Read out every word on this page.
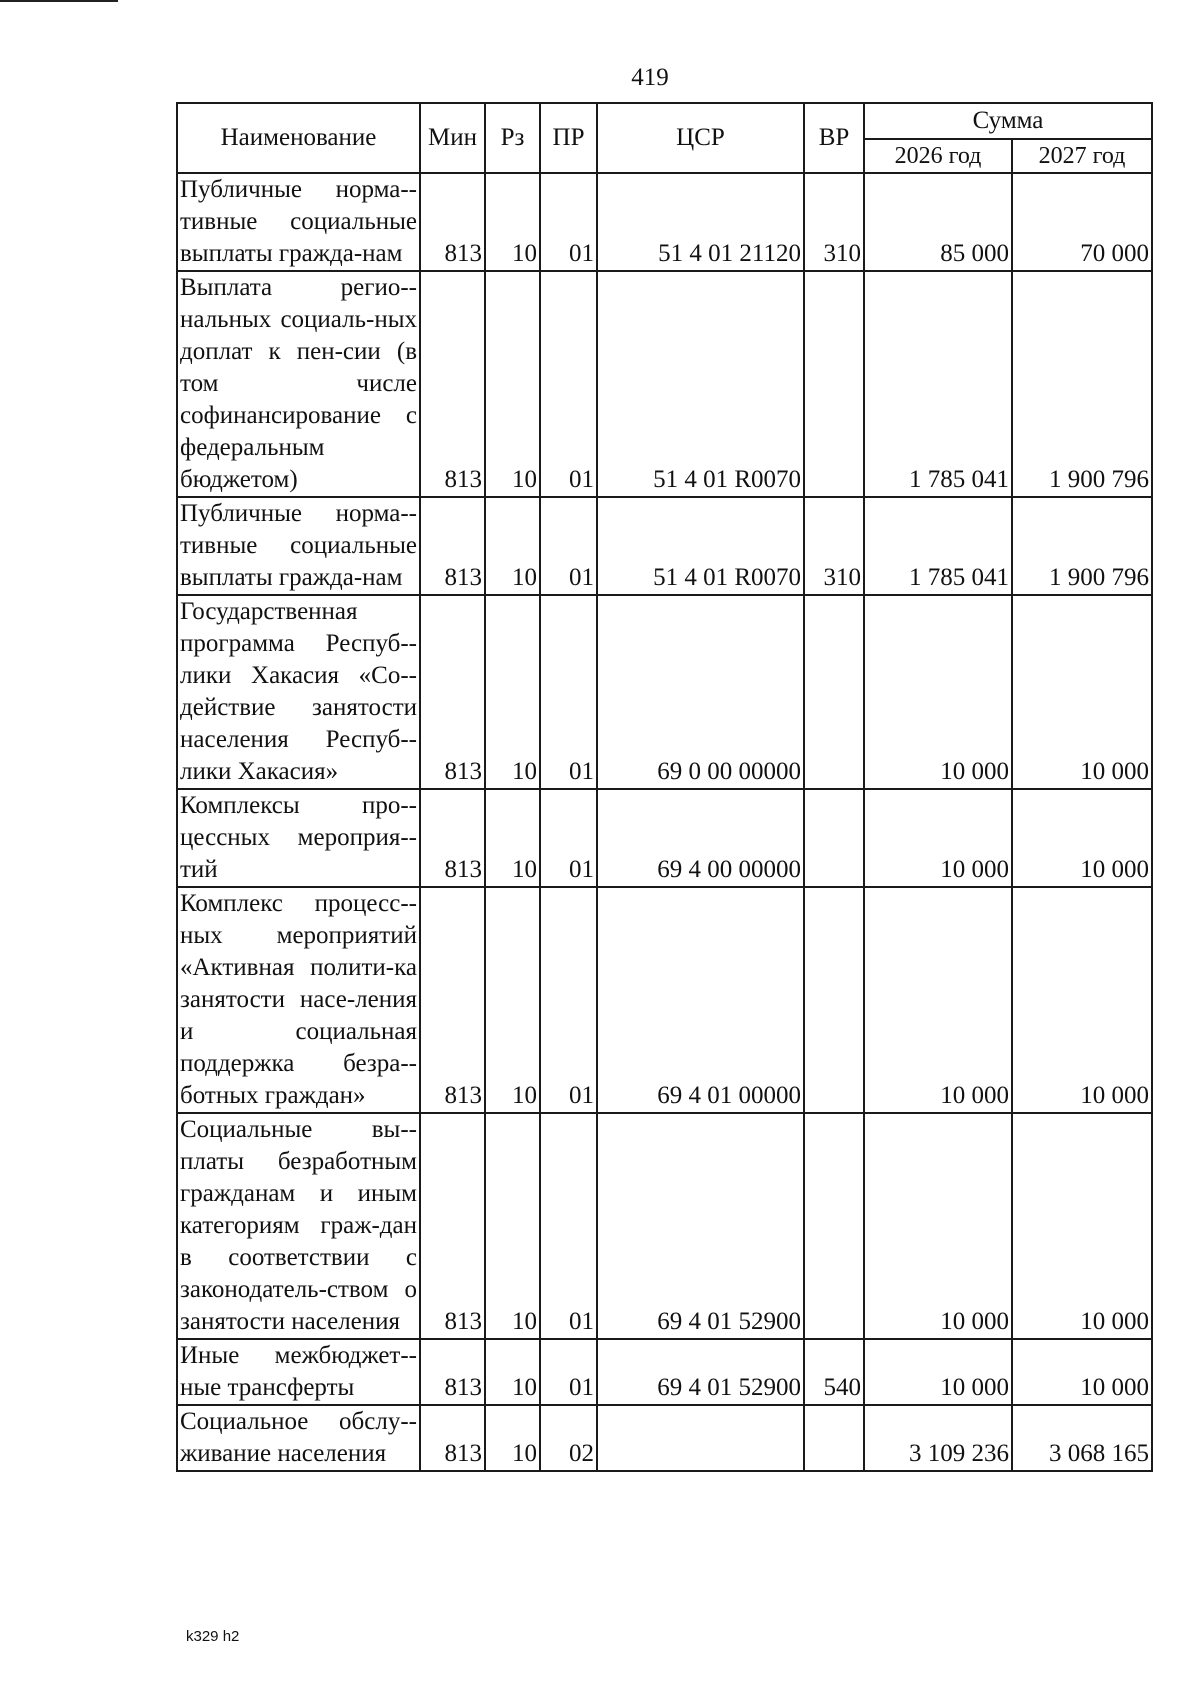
419
Наименование	Мин	Рз	ПР	ЦСР	ВР	Сумма	
						2026 год	2027 год
Публичные норма-тивные социальные выплаты гражда-нам	813	10	01	51 4 01 21120	310	85 000	70 000
Выплата регио-нальных социаль-ных доплат к пен-сии (в том числе софинансирование с федеральным бюджетом)	813	10	01	51 4 01 R0070		1 785 041	1 900 796
Публичные норма-тивные социальные выплаты гражда-нам	813	10	01	51 4 01 R0070	310	1 785 041	1 900 796
Государственная программа Респуб-лики Хакасия «Со-действие занятости населения Респуб-лики Хакасия»	813	10	01	69 0 00 00000		10 000	10 000
Комплексы про-цессных мероприя-тий	813	10	01	69 4 00 00000		10 000	10 000
Комплекс процесс-ных мероприятий «Активная полити-ка занятости насе-ления и социальная поддержка безра-ботных граждан»	813	10	01	69 4 01 00000		10 000	10 000
Социальные вы-платы безработным гражданам и иным категориям граж-дан в соответствии с законодатель-ством о занятости населения	813	10	01	69 4 01 52900		10 000	10 000
Иные межбюджет-ные трансферты	813	10	01	69 4 01 52900	540	10 000	10 000
Социальное обслу-живание населения	813	10	02			3 109 236	3 068 165
k329 h2
